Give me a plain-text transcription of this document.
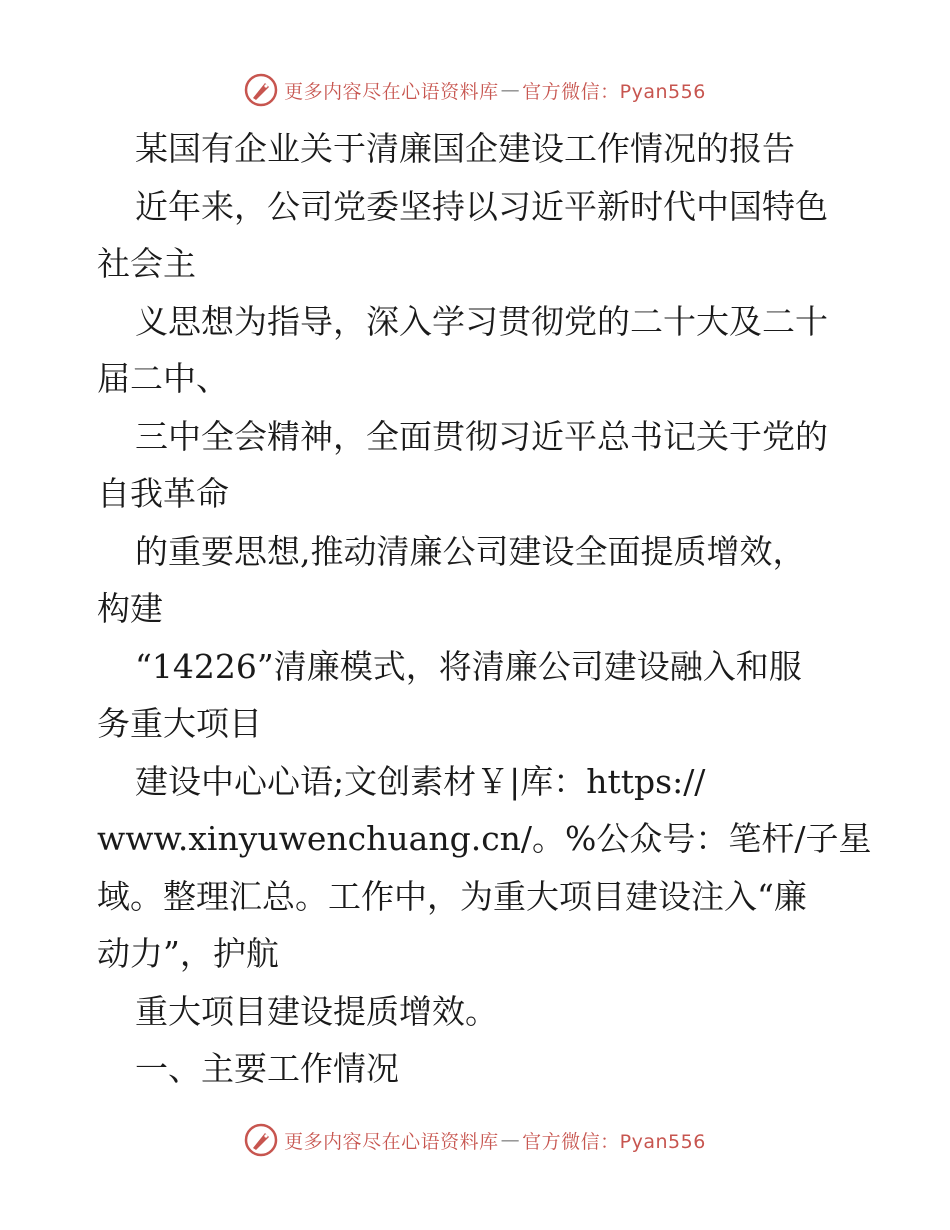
更多内容尽在心语资料库 — 官方微信：Pyan556

某国有企业关于清廉国企建设工作情况的报告

近年来，公司党委坚持以习近平新时代中国特色

社会主

义思想为指导，深入学习贯彻党的二十大及二十

届二中、

三中全会精神，全面贯彻习近平总书记关于党的

自我革命

的重要思想,推动清廉公司建设全面提质增效，

构建

“14226”清廉模式，将清廉公司建设融入和服

务重大项目

建设中心心语;文创素材￥|库：https://

www.xinyuwenchuang.cn/。%公众号：笔杆/子星

域。整理汇总。工作中，为重大项目建设注入“廉

动力”，护航

重大项目建设提质增效。

一、主要工作情况

更多内容尽在心语资料库 — 官方微信：Pyan556
